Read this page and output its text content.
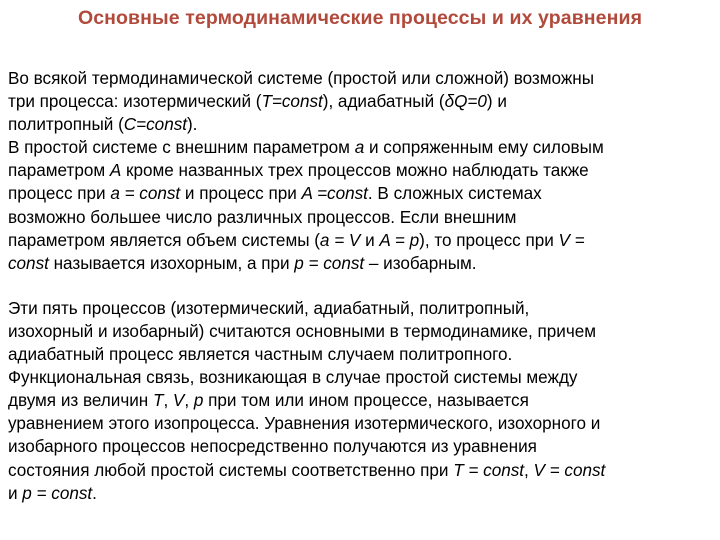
Основные термодинамические процессы и их уравнения

Во всякой термодинамической системе (простой или сложной) возможны
три процесса: изотермический (T=const), адиабатный (δQ=0) и
политропный (C=const).
В простой системе с внешним параметром a и сопряженным ему силовым
параметром A кроме названных трех процессов можно наблюдать также
процесс при a = const и процесс при A =const. В сложных системах
возможно большее число различных процессов. Если внешним
параметром является объем системы (a = V и A = p), то процесс при V =
const называется изохорным, а при p = const – изобарным.

Эти пять процессов (изотермический, адиабатный, политропный,
изохорный и изобарный) считаются основными в термодинамике, причем
адиабатный процесс является частным случаем политропного.
Функциональная связь, возникающая в случае простой системы между
двумя из величин T, V, p при том или ином процессе, называется
уравнением этого изопроцесса. Уравнения изотермического, изохорного и
изобарного процессов непосредственно получаются из уравнения
состояния любой простой системы соответственно при T = const, V = const
и p = const.
